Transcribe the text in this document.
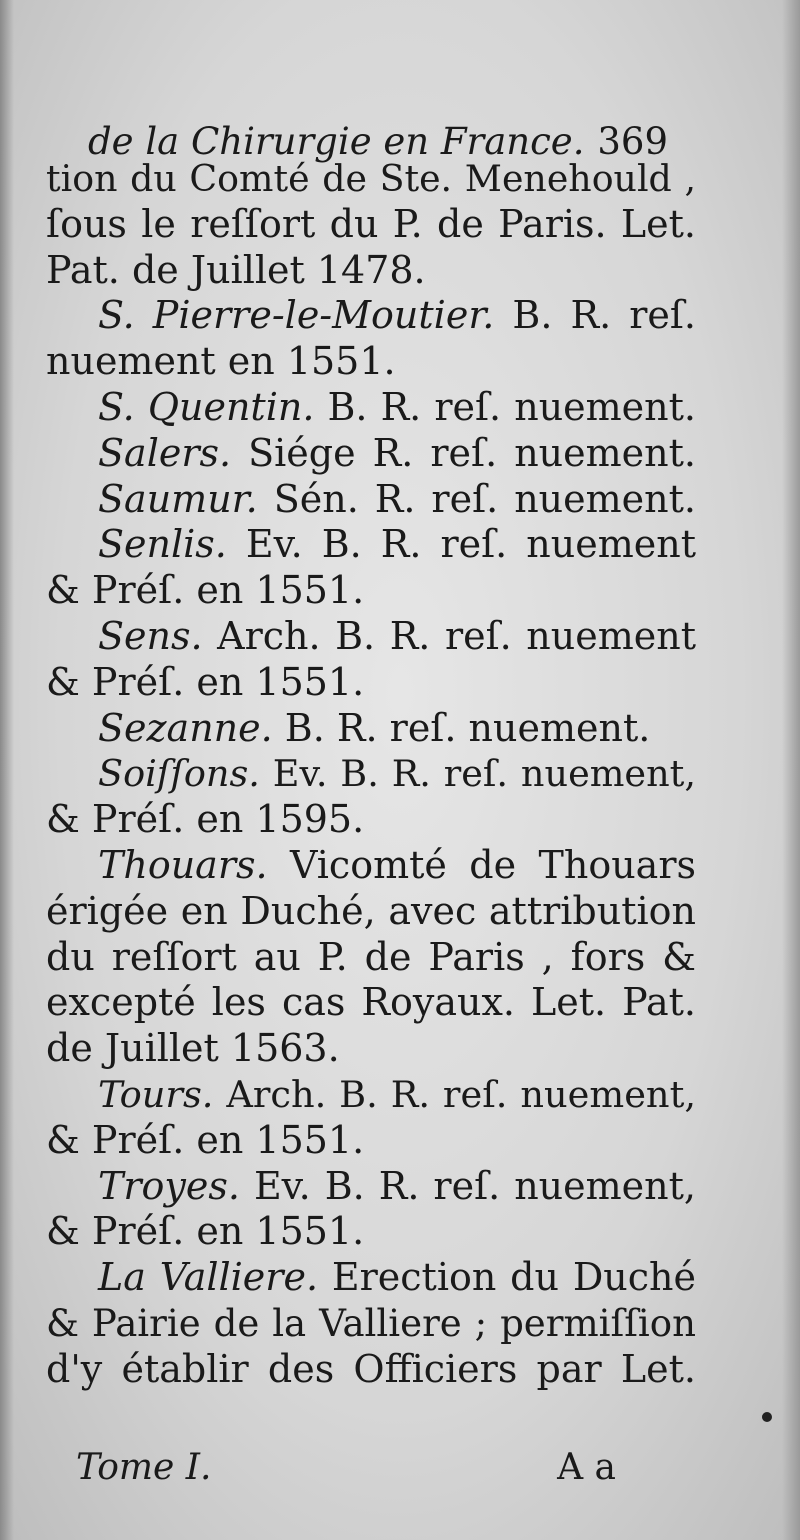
de la Chirurgie en France. 369
tion du Comté de Ste. Menehould ,
ſous le reſſort du P. de Paris. Let.
Pat. de Juillet 1478.
S. Pierre-le-Moutier. B. R. reſ.
nuement en 1551.
S. Quentin. B. R. reſ. nuement.
Salers. Siége R. reſ. nuement.
Saumur. Sén. R. reſ. nuement.
Senlis. Ev. B. R. reſ. nuement
& Préſ. en 1551.
Sens. Arch. B. R. reſ. nuement
& Préſ. en 1551.
Sezanne. B. R. reſ. nuement.
Soiſſons. Ev. B. R. reſ. nuement,
& Préſ. en 1595.
Thouars. Vicomté de Thouars
érigée en Duché, avec attribution
du reſſort au P. de Paris , fors &
excepté les cas Royaux. Let. Pat.
de Juillet 1563.
Tours. Arch. B. R. reſ. nuement,
& Préſ. en 1551.
Troyes. Ev. B. R. reſ. nuement,
& Préſ. en 1551.
La Valliere. Erection du Duché
& Pairie de la Valliere ; permiſſion
d'y établir des Officiers par Let.
Tome I.	A a
